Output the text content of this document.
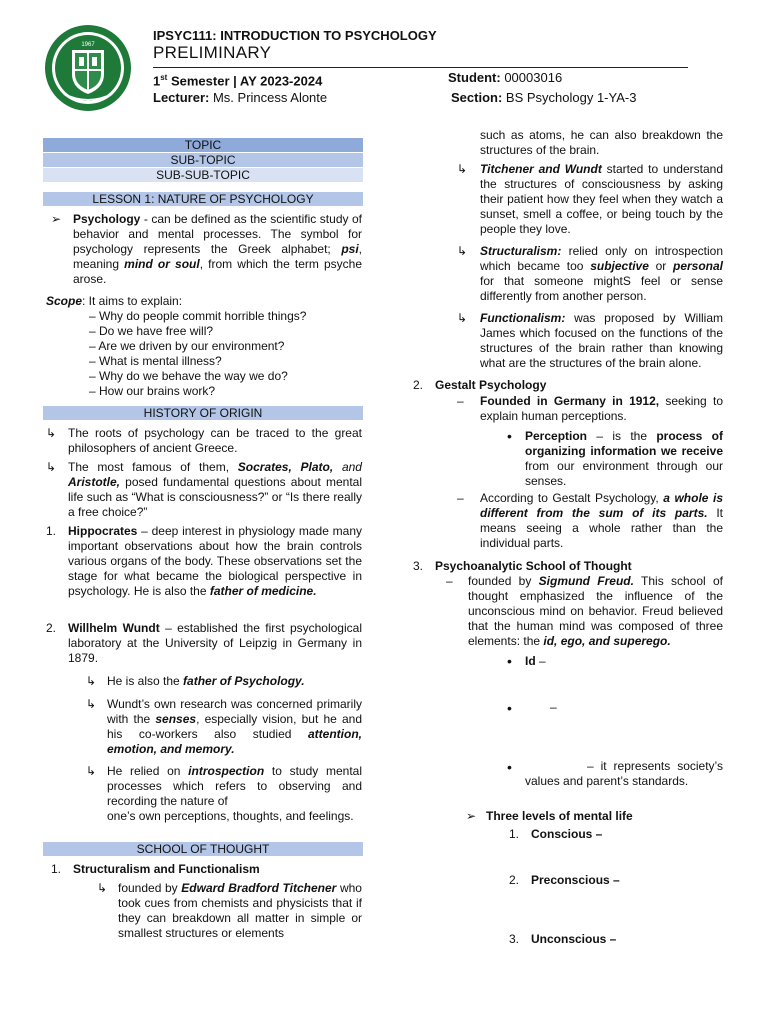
1967
IPSYC111: INTRODUCTION TO PSYCHOLOGY
PRELIMINARY
1st Semester | AY 2023-2024
Lecturer: Ms. Princess Alonte
Student: 00003016
Section: BS Psychology 1-YA-3
TOPIC
SUB-TOPIC
SUB-SUB-TOPIC
LESSON 1: NATURE OF PSYCHOLOGY
➢ Psychology - can be defined as the scientific study of behavior and mental processes. The symbol for psychology represents the Greek alphabet; psi, meaning mind or soul, from which the term psyche arose.

Scope: It aims to explain:

– Why do people commit horrible things?
– Do we have free will?
– Are we driven by our environment?
– What is mental illness?
– Why do we behave the way we do?
– How our brains work?
HISTORY OF ORIGIN
↳ The roots of psychology can be traced to the great philosophers of ancient Greece.

↳ The most famous of them, Socrates, Plato, and Aristotle, posed fundamental questions about mental life such as “What is consciousness?” or “Is there really a free choice?”

1. Hippocrates – deep interest in physiology made many important observations about how the brain controls various organs of the body. These observations set the stage for what became the biological perspective in psychology. He is also the father of medicine.

2. Willhelm Wundt – established the first psychological laboratory at the University of Leipzig in Germany in 1879.

↳ He is also the father of Psychology.

↳ Wundt’s own research was concerned primarily with the senses, especially vision, but he and his co-workers also studied attention, emotion, and memory.

↳ He relied on introspection to study mental processes which refers to observing and recording the nature of

one’s own perceptions, thoughts, and feelings.

SCHOOL OF THOUGHT
1. Structuralism and Functionalism

↳ founded by Edward Bradford Titchener who took cues from chemists and physicists that if they can breakdown all matter in simple or smallest structures or elements

such as atoms, he can also breakdown the structures of the brain.

↳ Titchener and Wundt started to understand the structures of consciousness by asking their patient how they feel when they watch a sunset, smell a coffee, or being touch by the people they love.

↳ Structuralism: relied only on introspection which became too subjective or personal for that someone mightS feel or sense differently from another person.

↳ Functionalism: was proposed by William James which focused on the functions of the structures of the brain rather than knowing what are the structures of the brain alone.

2. Gestalt Psychology

– Founded in Germany in 1912, seeking to explain human perceptions.

• Perception – is the process of organizing information we receive from our environment through our senses.

– According to Gestalt Psychology, a whole is different from the sum of its parts. It means seeing a whole rather than the individual parts.

3. Psychoanalytic School of Thought

– founded by Sigmund Freud. This school of thought emphasized the influence of the unconscious mind on behavior. Freud believed that the human mind was composed of three elements: the id, ego, and superego.

• Id –

•	–

•	– it represents society’s values and parent’s standards.

➢ Three levels of mental life

1. Conscious –

2. Preconscious –

3. Unconscious –
